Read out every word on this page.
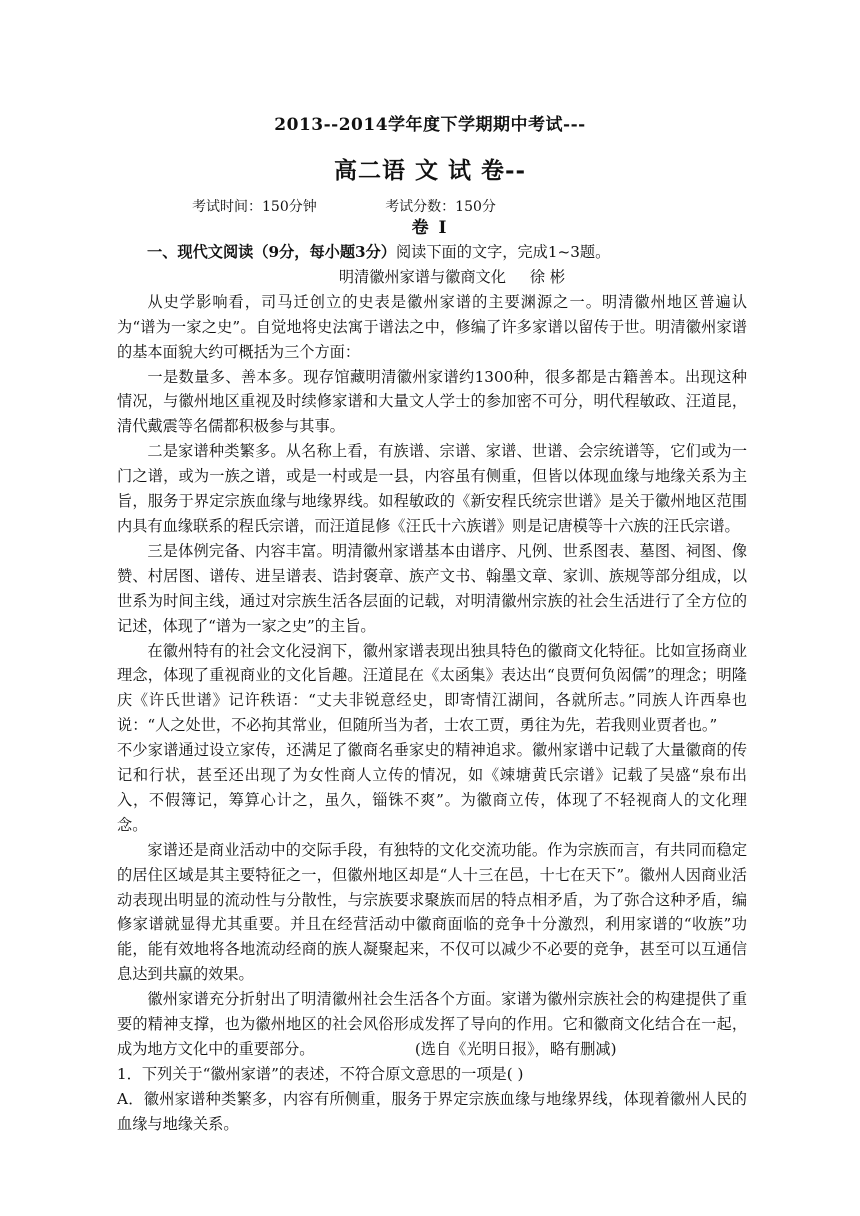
2013--2014学年度下学期期中考试---
高二语 文 试 卷--
考试时间：150分钟	考试分数：150分
卷 Ⅰ

一、现代文阅读（9分，每小题3分）阅读下面的文字，完成1~3题。

明清徽州家谱与徽商文化 徐 彬

从史学影响看，司马迁创立的史表是徽州家谱的主要渊源之一。明清徽州地区普遍认为“谱为一家之史”。自觉地将史法寓于谱法之中，修编了许多家谱以留传于世。明清徽州家谱的基本面貌大约可概括为三个方面：

一是数量多、善本多。现存馆藏明清徽州家谱约1300种，很多都是古籍善本。出现这种情况，与徽州地区重视及时续修家谱和大量文人学士的参加密不可分，明代程敏政、汪道昆，清代戴震等名儒都积极参与其事。

二是家谱种类繁多。从名称上看，有族谱、宗谱、家谱、世谱、会宗统谱等，它们或为一门之谱，或为一族之谱，或是一村或是一县，内容虽有侧重，但皆以体现血缘与地缘关系为主旨，服务于界定宗族血缘与地缘界线。如程敏政的《新安程氏统宗世谱》是关于徽州地区范围内具有血缘联系的程氏宗谱，而汪道昆修《汪氏十六族谱》则是记唐模等十六族的汪氏宗谱。

三是体例完备、内容丰富。明清徽州家谱基本由谱序、凡例、世系图表、墓图、祠图、像赞、村居图、谱传、进呈谱表、诰封褒章、族产文书、翰墨文章、家训、族规等部分组成，以世系为时间主线，通过对宗族生活各层面的记载，对明清徽州宗族的社会生活进行了全方位的记述，体现了“谱为一家之史”的主旨。

在徽州特有的社会文化浸润下，徽州家谱表现出独具特色的徽商文化特征。比如宣扬商业理念，体现了重视商业的文化旨趣。汪道昆在《太函集》表达出“良贾何负闳儒”的理念；明隆庆《许氏世谱》记许秩语：“丈夫非锐意经史，即寄情江湖间，各就所志。”同族人许西皋也说：“人之处世，不必拘其常业，但随所当为者，士农工贾，勇往为先，若我则业贾者也。”

不少家谱通过设立家传，还满足了徽商名垂家史的精神追求。徽州家谱中记载了大量徽商的传记和行状，甚至还出现了为女性商人立传的情况，如《竦塘黄氏宗谱》记载了吴盛“泉布出入，不假簿记，筹算心计之，虽久，锱铢不爽”。为徽商立传，体现了不轻视商人的文化理念。

家谱还是商业活动中的交际手段，有独特的文化交流功能。作为宗族而言，有共同而稳定的居住区域是其主要特征之一，但徽州地区却是“人十三在邑，十七在天下”。徽州人因商业活动表现出明显的流动性与分散性，与宗族要求聚族而居的特点相矛盾，为了弥合这种矛盾，编修家谱就显得尤其重要。并且在经营活动中徽商面临的竞争十分激烈，利用家谱的“收族”功能，能有效地将各地流动经商的族人凝聚起来，不仅可以减少不必要的竞争，甚至可以互通信息达到共赢的效果。

徽州家谱充分折射出了明清徽州社会生活各个方面。家谱为徽州宗族社会的构建提供了重要的精神支撑，也为徽州地区的社会风俗形成发挥了导向的作用。它和徽商文化结合在一起，成为地方文化中的重要部分。	(选自《光明日报》，略有删减)

1．下列关于“徽州家谱”的表述，不符合原文意思的一项是( )

A．徽州家谱种类繁多，内容有所侧重，服务于界定宗族血缘与地缘界线，体现着徽州人民的血缘与地缘关系。
